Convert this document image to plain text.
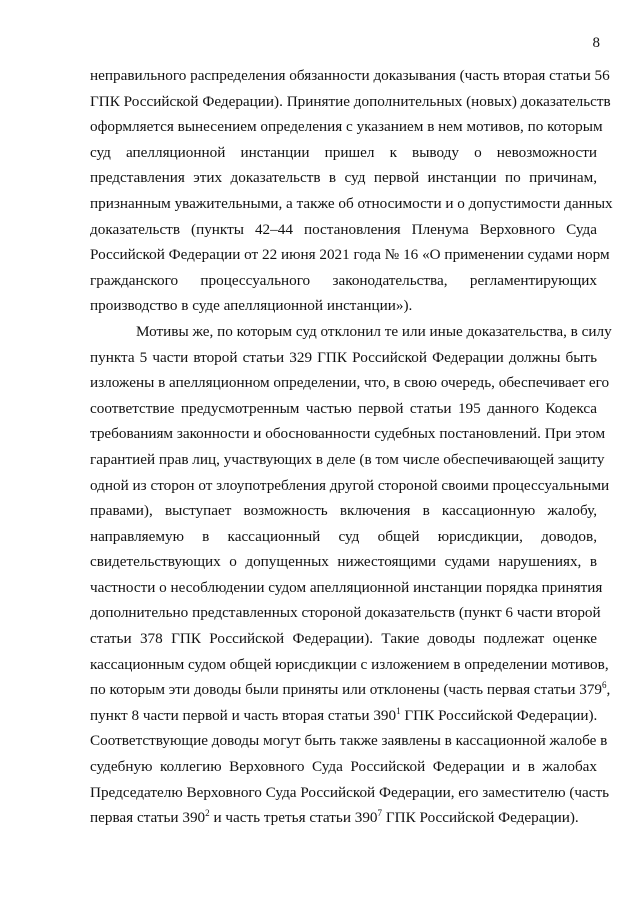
8
неправильного распределения обязанности доказывания (часть вторая статьи 56
ГПК Российской Федерации). Принятие дополнительных (новых) доказательств
оформляется вынесением определения с указанием в нем мотивов, по которым
суд апелляционной инстанции пришел к выводу о невозможности
представления этих доказательств в суд первой инстанции по причинам,
признанным уважительными, а также об относимости и о допустимости данных
доказательств (пункты 42–44 постановления Пленума Верховного Суда
Российской Федерации от 22 июня 2021 года № 16 «О применении судами норм
гражданского процессуального законодательства, регламентирующих
производство в суде апелляционной инстанции»).
Мотивы же, по которым суд отклонил те или иные доказательства, в силу
пункта 5 части второй статьи 329 ГПК Российской Федерации должны быть
изложены в апелляционном определении, что, в свою очередь, обеспечивает его
соответствие предусмотренным частью первой статьи 195 данного Кодекса
требованиям законности и обоснованности судебных постановлений. При этом
гарантией прав лиц, участвующих в деле (в том числе обеспечивающей защиту
одной из сторон от злоупотребления другой стороной своими процессуальными
правами), выступает возможность включения в кассационную жалобу,
направляемую в кассационный суд общей юрисдикции, доводов,
свидетельствующих о допущенных нижестоящими судами нарушениях, в
частности о несоблюдении судом апелляционной инстанции порядка принятия
дополнительно представленных стороной доказательств (пункт 6 части второй
статьи 378 ГПК Российской Федерации). Такие доводы подлежат оценке
кассационным судом общей юрисдикции с изложением в определении мотивов,
по которым эти доводы были приняты или отклонены (часть первая статьи $379^6$,
пункт 8 части первой и часть вторая статьи $390^1$ ГПК Российской Федерации).
Соответствующие доводы могут быть также заявлены в кассационной жалобе в
судебную коллегию Верховного Суда Российской Федерации и в жалобах
Председателю Верховного Суда Российской Федерации, его заместителю (часть
первая статьи $390^2$ и часть третья статьи $390^7$ ГПК Российской Федерации).
